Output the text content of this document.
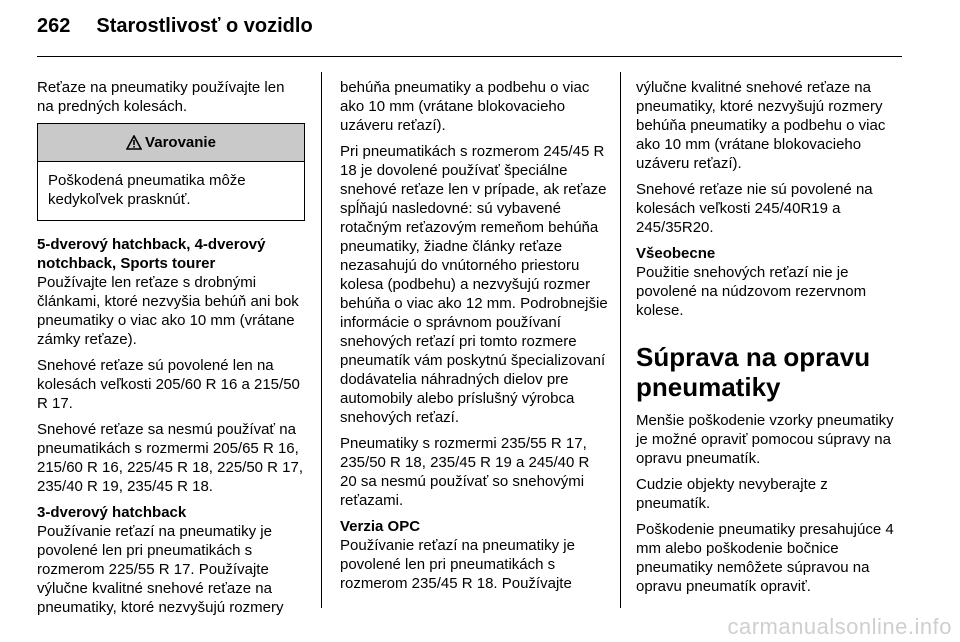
262 Starostlivosť o vozidlo

Reťaze na pneumatiky používajte len na predných kolesách.

Varovanie
Poškodená pneumatika môže kedykoľvek prasknúť.

5-dverový hatchback, 4-dverový notchback, Sports tourer

Používajte len reťaze s drobnými článkami, ktoré nezvyšia behúň ani bok pneumatiky o viac ako 10 mm (vrátane zámky reťaze).

Snehové reťaze sú povolené len na kolesách veľkosti 205/60 R 16 a 215/50 R 17.

Snehové reťaze sa nesmú používať na pneumatikách s rozmermi 205/65 R 16, 215/60 R 16, 225/45 R 18, 225/50 R 17, 235/40 R 19, 235/45 R 18.

3-dverový hatchback

Používanie reťazí na pneumatiky je povolené len pri pneumatikách s rozmerom 225/55 R 17. Používajte výlučne kvalitné snehové reťaze na pneumatiky, ktoré nezvyšujú rozmery

behúňa pneumatiky a podbehu o viac ako 10 mm (vrátane blokovacieho uzáveru reťazí).

Pri pneumatikách s rozmerom 245/45 R 18 je dovolené používať špeciálne snehové reťaze len v prípade, ak reťaze spĺňajú nasledovné: sú vybavené rotačným reťazovým remeňom behúňa pneumatiky, žiadne články reťaze nezasahujú do vnútorného priestoru kolesa (podbehu) a nezvyšujú rozmer behúňa o viac ako 12 mm. Podrobnejšie informácie o správnom používaní snehových reťazí pri tomto rozmere pneumatík vám poskytnú špecializovaní dodávatelia náhradných dielov pre automobily alebo príslušný výrobca snehových reťazí.

Pneumatiky s rozmermi 235/55 R 17, 235/50 R 18, 235/45 R 19 a 245/40 R 20 sa nesmú používať so snehovými reťazami.

Verzia OPC

Používanie reťazí na pneumatiky je povolené len pri pneumatikách s rozmerom 235/45 R 18. Používajte

výlučne kvalitné snehové reťaze na pneumatiky, ktoré nezvyšujú rozmery behúňa pneumatiky a podbehu o viac ako 10 mm (vrátane blokovacieho uzáveru reťazí).

Snehové reťaze nie sú povolené na kolesách veľkosti 245/40R19 a 245/35R20.

Všeobecne

Použitie snehových reťazí nie je povolené na núdzovom rezervnom kolese.

Súprava na opravu pneumatiky

Menšie poškodenie vzorky pneumatiky je možné opraviť pomocou súpravy na opravu pneumatík.

Cudzie objekty nevyberajte z pneumatík.

Poškodenie pneumatiky presahujúce 4 mm alebo poškodenie bočnice pneumatiky nemôžete súpravou na opravu pneumatík opraviť.

carmanualsonline.info
